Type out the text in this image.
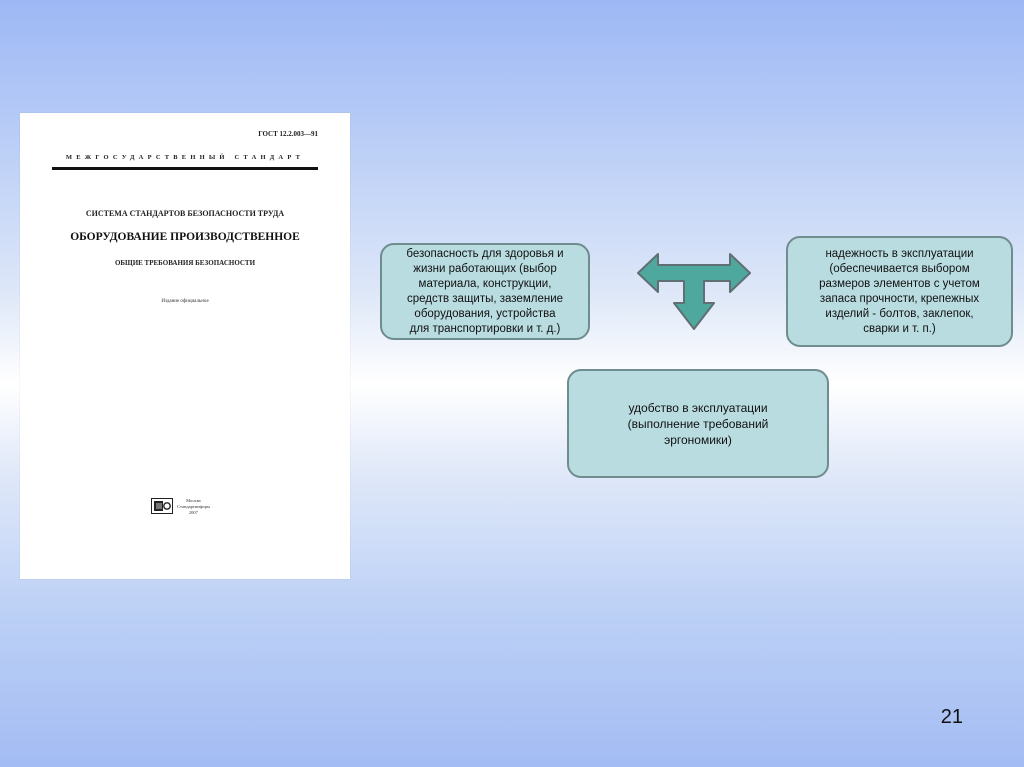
ГОСТ 12.2.003—91
МЕЖГОСУДАРСТВЕННЫЙ СТАНДАРТ
СИСТЕМА СТАНДАРТОВ БЕЗОПАСНОСТИ ТРУДА
ОБОРУДОВАНИЕ ПРОИЗВОДСТВЕННОЕ
ОБЩИЕ ТРЕБОВАНИЯ БЕЗОПАСНОСТИ
Издание официальное
Москва
Стандартинформ
2007
безопасность для здоровья и
жизни работающих (выбор
материала, конструкции,
средств защиты, заземление
оборудования, устройства
для транспортировки и т. д.)
надежность в эксплуатации
(обеспечивается выбором
размеров элементов с учетом
запаса прочности, крепежных
изделий - болтов, заклепок,
сварки и т. п.)
удобство в эксплуатации
(выполнение требований
эргономики)
21
